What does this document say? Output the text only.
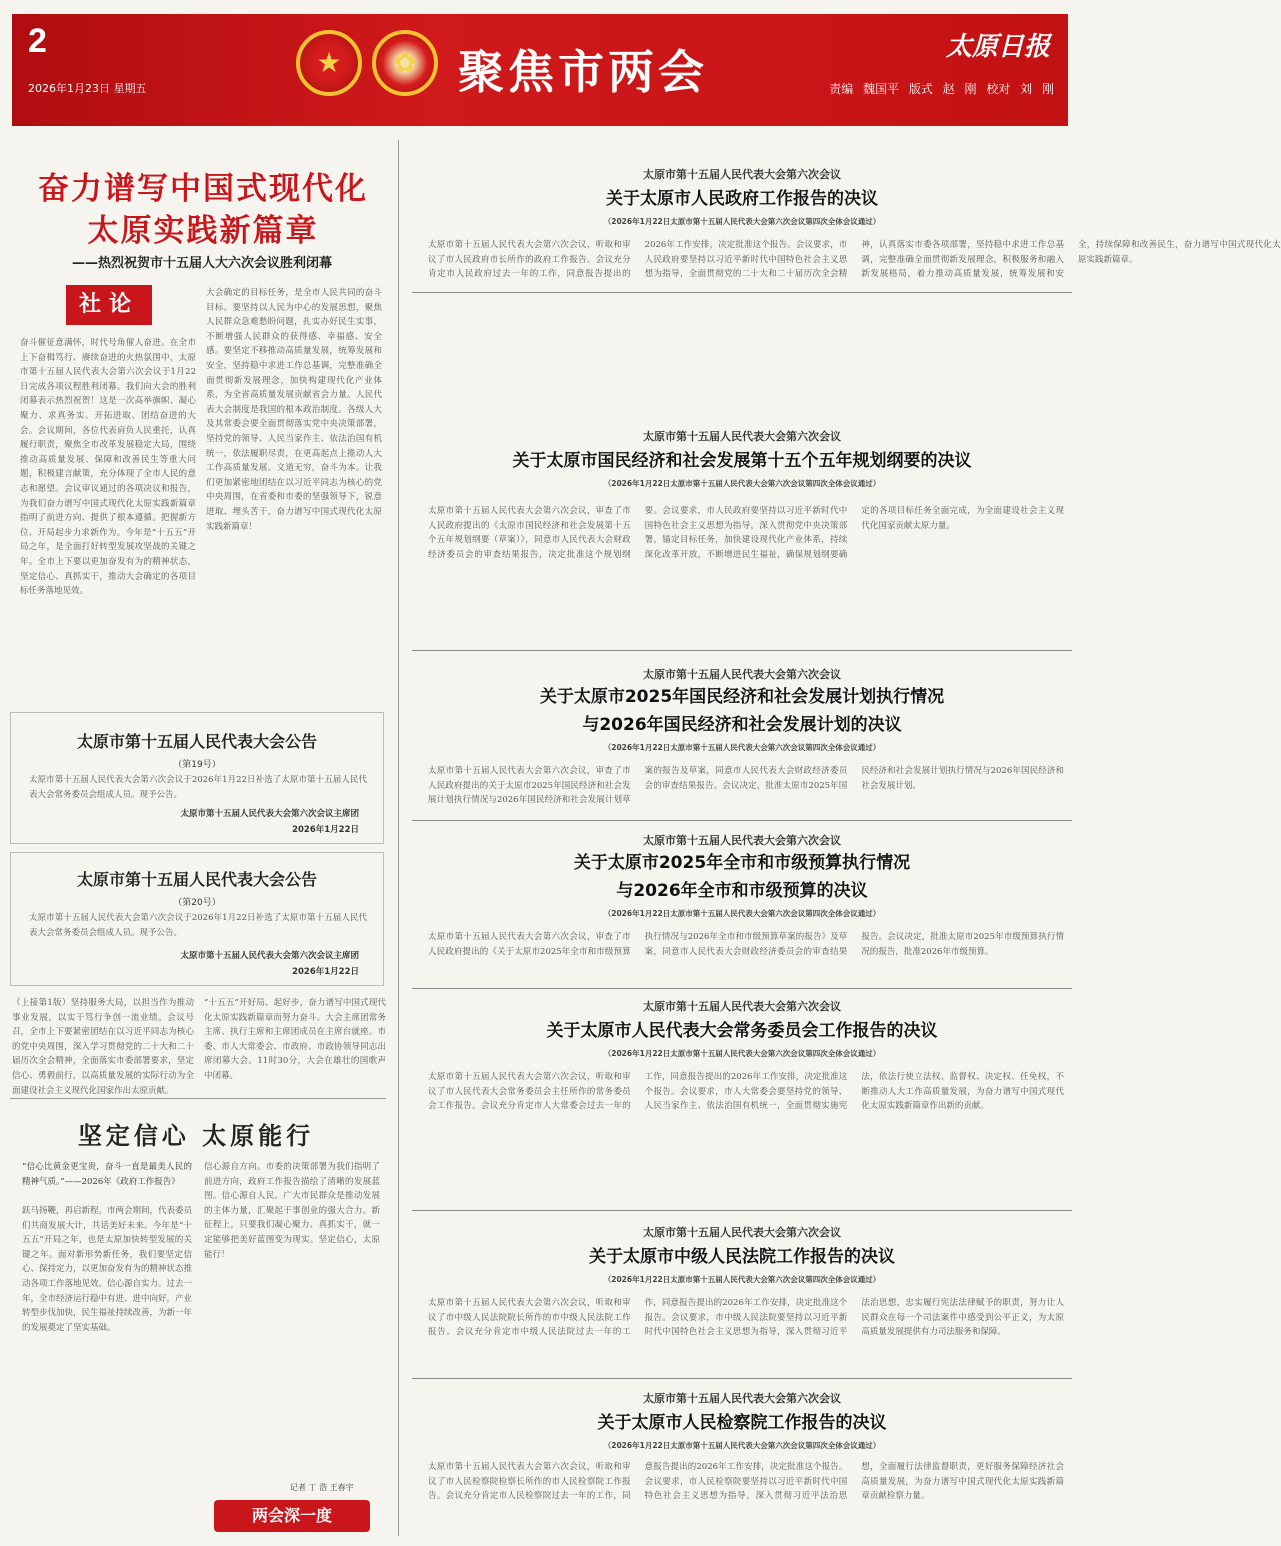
2
2026年1月23日 星期五 ★ ✿	聚焦市两会	太原日报
责编 魏国平 版式 赵 刚 校对 刘 刚
奋力谱写中国式现代化
太原实践新篇章
——热烈祝贺市十五届人大六次会议胜利闭幕
社论
奋斗催征意满怀，时代号角催人奋进。在全市上下奋楫笃行、赓续奋进的火热氛围中，太原市第十五届人民代表大会第六次会议于1月22日完成各项议程胜利闭幕。我们向大会的胜利闭幕表示热烈祝贺！这是一次高举旗帜、凝心聚力、求真务实、开拓进取、团结奋进的大会。会议期间，各位代表肩负人民重托，认真履行职责，聚焦全市改革发展稳定大局，围绕推动高质量发展、保障和改善民生等重大问题，积极建言献策，充分体现了全市人民的意志和愿望。会议审议通过的各项决议和报告，为我们奋力谱写中国式现代化太原实践新篇章指明了前进方向、提供了根本遵循。把握新方位、开局起步力求新作为。今年是“十五五”开局之年，是全面打好转型发展攻坚战的关键之年。全市上下要以更加奋发有为的精神状态，坚定信心、真抓实干，推动大会确定的各项目标任务落地见效。
大会确定的目标任务，是全市人民共同的奋斗目标。要坚持以人民为中心的发展思想，聚焦人民群众急难愁盼问题，扎实办好民生实事，不断增强人民群众的获得感、幸福感、安全感。要坚定不移推动高质量发展，统筹发展和安全，坚持稳中求进工作总基调，完整准确全面贯彻新发展理念，加快构建现代化产业体系，为全省高质量发展贡献省会力量。人民代表大会制度是我国的根本政治制度。各级人大及其常委会要全面贯彻落实党中央决策部署，坚持党的领导、人民当家作主、依法治国有机统一，依法履职尽责，在更高起点上推动人大工作高质量发展。文道无穷，奋斗为本。让我们更加紧密地团结在以习近平同志为核心的党中央周围，在省委和市委的坚强领导下，锐意进取、埋头苦干，奋力谱写中国式现代化太原实践新篇章！
太原市第十五届人民代表大会公告
（第19号）
太原市第十五届人民代表大会第六次会议于2026年1月22日补选了太原市第十五届人民代表大会常务委员会组成人员。现予公告。
太原市第十五届人民代表大会第六次会议主席团
2026年1月22日
太原市第十五届人民代表大会公告
（第20号）
太原市第十五届人民代表大会第六次会议于2026年1月22日补选了太原市第十五届人民代表大会常务委员会组成人员。现予公告。
太原市第十五届人民代表大会第六次会议主席团
2026年1月22日
（上接第1版）坚持服务大局，以担当作为推动事业发展，以实干笃行争创一流业绩。会议号召，全市上下要紧密团结在以习近平同志为核心的党中央周围，深入学习贯彻党的二十大和二十届历次全会精神，全面落实市委部署要求，坚定信心、勇毅前行，以高质量发展的实际行动为全面建设社会主义现代化国家作出太原贡献。
“十五五”开好局、起好步，奋力谱写中国式现代化太原实践新篇章而努力奋斗。大会主席团常务主席、执行主席和主席团成员在主席台就座。市委、市人大常委会、市政府、市政协领导同志出席闭幕大会。11时30分，大会在雄壮的国歌声中闭幕。
坚定信心 太原能行
“信心比黄金更宝贵，奋斗一直是最美人民的精神气质。”——2026年《政府工作报告》
跃马扬鞭，再启新程。市两会期间，代表委员们共商发展大计，共话美好未来。今年是“十五五”开局之年，也是太原加快转型发展的关键之年。面对新形势新任务，我们要坚定信心、保持定力，以更加奋发有为的精神状态推动各项工作落地见效。信心源自实力。过去一年，全市经济运行稳中有进、进中向好，产业转型步伐加快，民生福祉持续改善，为新一年的发展奠定了坚实基础。
信心源自方向。市委的决策部署为我们指明了前进方向，政府工作报告描绘了清晰的发展蓝图。信心源自人民。广大市民群众是推动发展的主体力量，汇聚起干事创业的强大合力。新征程上，只要我们凝心聚力、真抓实干，就一定能够把美好蓝图变为现实。坚定信心，太原能行！
记者 丁 浩 王春宇
两会深一度
太原市第十五届人民代表大会第六次会议
关于太原市人民政府工作报告的决议
（2026年1月22日太原市第十五届人民代表大会第六次会议第四次全体会议通过）
太原市第十五届人民代表大会第六次会议，听取和审议了市人民政府市长所作的政府工作报告。会议充分肯定市人民政府过去一年的工作，同意报告提出的2026年工作安排，决定批准这个报告。会议要求，市人民政府要坚持以习近平新时代中国特色社会主义思想为指导，全面贯彻党的二十大和二十届历次全会精神，认真落实市委各项部署，坚持稳中求进工作总基调，完整准确全面贯彻新发展理念，积极服务和融入新发展格局，着力推动高质量发展，统筹发展和安全，持续保障和改善民生，奋力谱写中国式现代化太原实践新篇章。
太原市第十五届人民代表大会第六次会议
关于太原市国民经济和社会发展第十五个五年规划纲要的决议
（2026年1月22日太原市第十五届人民代表大会第六次会议第四次全体会议通过）
太原市第十五届人民代表大会第六次会议，审查了市人民政府提出的《太原市国民经济和社会发展第十五个五年规划纲要（草案）》，同意市人民代表大会财政经济委员会的审查结果报告，决定批准这个规划纲要。会议要求，市人民政府要坚持以习近平新时代中国特色社会主义思想为指导，深入贯彻党中央决策部署，锚定目标任务，加快建设现代化产业体系，持续深化改革开放，不断增进民生福祉，确保规划纲要确定的各项目标任务全面完成，为全面建设社会主义现代化国家贡献太原力量。
太原市第十五届人民代表大会第六次会议
关于太原市2025年国民经济和社会发展计划执行情况
与2026年国民经济和社会发展计划的决议
（2026年1月22日太原市第十五届人民代表大会第六次会议第四次全体会议通过）
太原市第十五届人民代表大会第六次会议，审查了市人民政府提出的关于太原市2025年国民经济和社会发展计划执行情况与2026年国民经济和社会发展计划草案的报告及草案，同意市人民代表大会财政经济委员会的审查结果报告。会议决定，批准太原市2025年国民经济和社会发展计划执行情况与2026年国民经济和社会发展计划。
太原市第十五届人民代表大会第六次会议
关于太原市2025年全市和市级预算执行情况
与2026年全市和市级预算的决议
（2026年1月22日太原市第十五届人民代表大会第六次会议第四次全体会议通过）
太原市第十五届人民代表大会第六次会议，审查了市人民政府提出的《关于太原市2025年全市和市级预算执行情况与2026年全市和市级预算草案的报告》及草案，同意市人民代表大会财政经济委员会的审查结果报告。会议决定，批准太原市2025年市级预算执行情况的报告，批准2026年市级预算。
太原市第十五届人民代表大会第六次会议
关于太原市人民代表大会常务委员会工作报告的决议
（2026年1月22日太原市第十五届人民代表大会第六次会议第四次全体会议通过）
太原市第十五届人民代表大会第六次会议，听取和审议了市人民代表大会常务委员会主任所作的常务委员会工作报告。会议充分肯定市人大常委会过去一年的工作，同意报告提出的2026年工作安排，决定批准这个报告。会议要求，市人大常委会要坚持党的领导、人民当家作主、依法治国有机统一，全面贯彻实施宪法，依法行使立法权、监督权、决定权、任免权，不断推动人大工作高质量发展，为奋力谱写中国式现代化太原实践新篇章作出新的贡献。
太原市第十五届人民代表大会第六次会议
关于太原市中级人民法院工作报告的决议
（2026年1月22日太原市第十五届人民代表大会第六次会议第四次全体会议通过）
太原市第十五届人民代表大会第六次会议，听取和审议了市中级人民法院院长所作的市中级人民法院工作报告。会议充分肯定市中级人民法院过去一年的工作，同意报告提出的2026年工作安排，决定批准这个报告。会议要求，市中级人民法院要坚持以习近平新时代中国特色社会主义思想为指导，深入贯彻习近平法治思想，忠实履行宪法法律赋予的职责，努力让人民群众在每一个司法案件中感受到公平正义，为太原高质量发展提供有力司法服务和保障。
太原市第十五届人民代表大会第六次会议
关于太原市人民检察院工作报告的决议
（2026年1月22日太原市第十五届人民代表大会第六次会议第四次全体会议通过）
太原市第十五届人民代表大会第六次会议，听取和审议了市人民检察院检察长所作的市人民检察院工作报告。会议充分肯定市人民检察院过去一年的工作，同意报告提出的2026年工作安排，决定批准这个报告。会议要求，市人民检察院要坚持以习近平新时代中国特色社会主义思想为指导，深入贯彻习近平法治思想，全面履行法律监督职责，更好服务保障经济社会高质量发展，为奋力谱写中国式现代化太原实践新篇章贡献检察力量。
